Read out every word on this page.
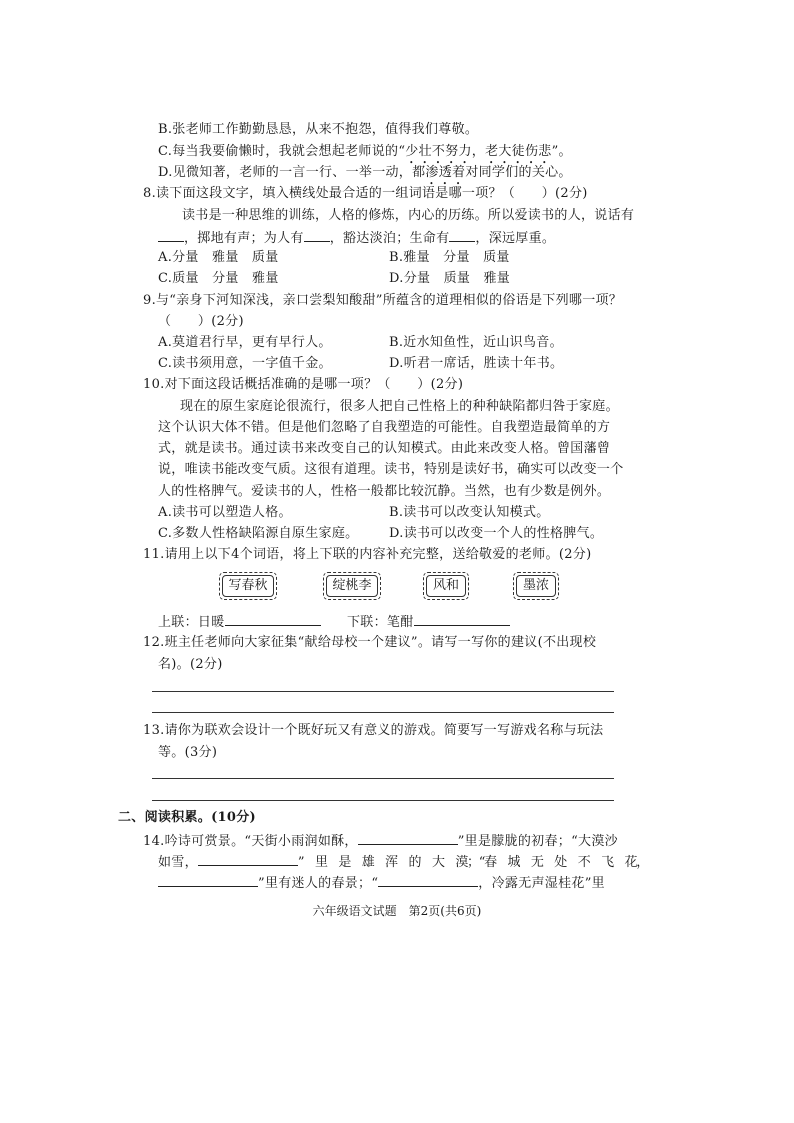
B.张老师工作勤勤恳恳，从来不抱怨，值得我们尊敬。
C.每当我要偷懒时，我就会想起老师说的“少壮不努力，老大徒伤悲”。
D.见微知著，老师的一言一行、一举一动，都渗透着对同学们的关心。
8.读下面这段文字，填入横线处最合适的一组词语是哪一项？（　　）(2分)
读书是一种思维的训练，人格的修炼，内心的历练。所以爱读书的人，说话有
，掷地有声；为人有 ，豁达淡泊；生命有 ，深远厚重。
A.分量　雅量　质量	B.雅量　分量　质量
C.质量　分量　雅量	D.分量　质量　雅量
9.与“亲身下河知深浅，亲口尝梨知酸甜”所蕴含的道理相似的俗语是下列哪一项？
（　　）(2分)
A.莫道君行早，更有早行人。	B.近水知鱼性，近山识鸟音。
C.读书须用意，一字值千金。	D.听君一席话，胜读十年书。
10.对下面这段话概括准确的是哪一项？（　　）(2分)
现在的原生家庭论很流行，很多人把自己性格上的种种缺陷都归咎于家庭。
这个认识大体不错。但是他们忽略了自我塑造的可能性。自我塑造最简单的方
式，就是读书。通过读书来改变自己的认知模式。由此来改变人格。曾国藩曾
说，唯读书能改变气质。这很有道理。读书，特别是读好书，确实可以改变一个
人的性格脾气。爱读书的人，性格一般都比较沉静。当然，也有少数是例外。
A.读书可以塑造人格。	B.读书可以改变认知模式。
C.多数人性格缺陷源自原生家庭。 D.读书可以改变一个人的性格脾气。
11.请用上以下4个词语，将上下联的内容补充完整，送给敬爱的老师。(2分)
写春秋	绽桃李	风和	墨浓
上联：日暖	下联：笔酣
12.班主任老师向大家征集“献给母校一个建议”。请写一写你的建议(不出现校
名)。(2分)
13.请你为联欢会设计一个既好玩又有意义的游戏。简要写一写游戏名称与玩法
等。(3分)
二、阅读积累。(10分)
14.吟诗可赏景。“天街小雨润如酥，	”里是朦胧的初春；“大漠沙
如雪，	”　里　是　雄　浑　的　大　漠；“春　城　无　处　不　飞　花，
”里有迷人的春景；“	，冷露无声湿桂花”里
六年级语文试题　第2页(共6页)
